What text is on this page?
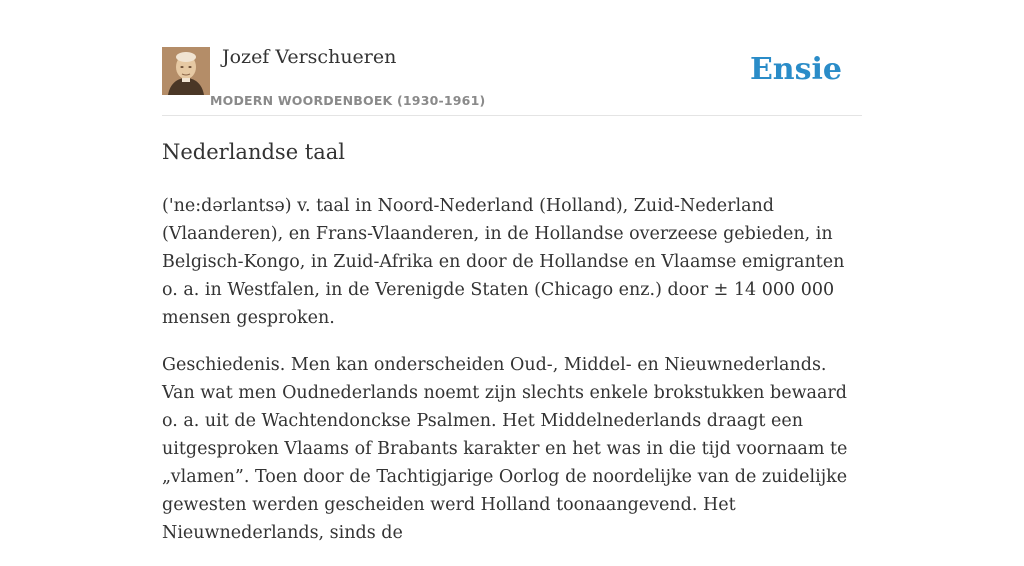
Jozef Verschueren
MODERN WOORDENBOEK (1930-1961)
Ensie
Nederlandse taal

('ne:dərlantsə) v. taal in Noord-Nederland (Holland), Zuid-Nederland (Vlaanderen), en Frans-Vlaanderen, in de Hollandse overzeese gebieden, in Belgisch-Kongo, in Zuid-Afrika en door de Hollandse en Vlaamse emigranten o. a. in Westfalen, in de Verenigde Staten (Chicago enz.) door ± 14 000 000 mensen gesproken.

Geschiedenis. Men kan onderscheiden Oud-, Middel- en Nieuwnederlands. Van wat men Oudnederlands noemt zijn slechts enkele brokstukken bewaard o. a. uit de Wachtendonckse Psalmen. Het Middelnederlands draagt een uitgesproken Vlaams of Brabants karakter en het was in die tijd voornaam te „vlamen”. Toen door de Tachtigjarige Oorlog de noordelijke van de zuidelijke gewesten werden gescheiden werd Holland toonaangevend. Het Nieuwnederlands, sinds de
